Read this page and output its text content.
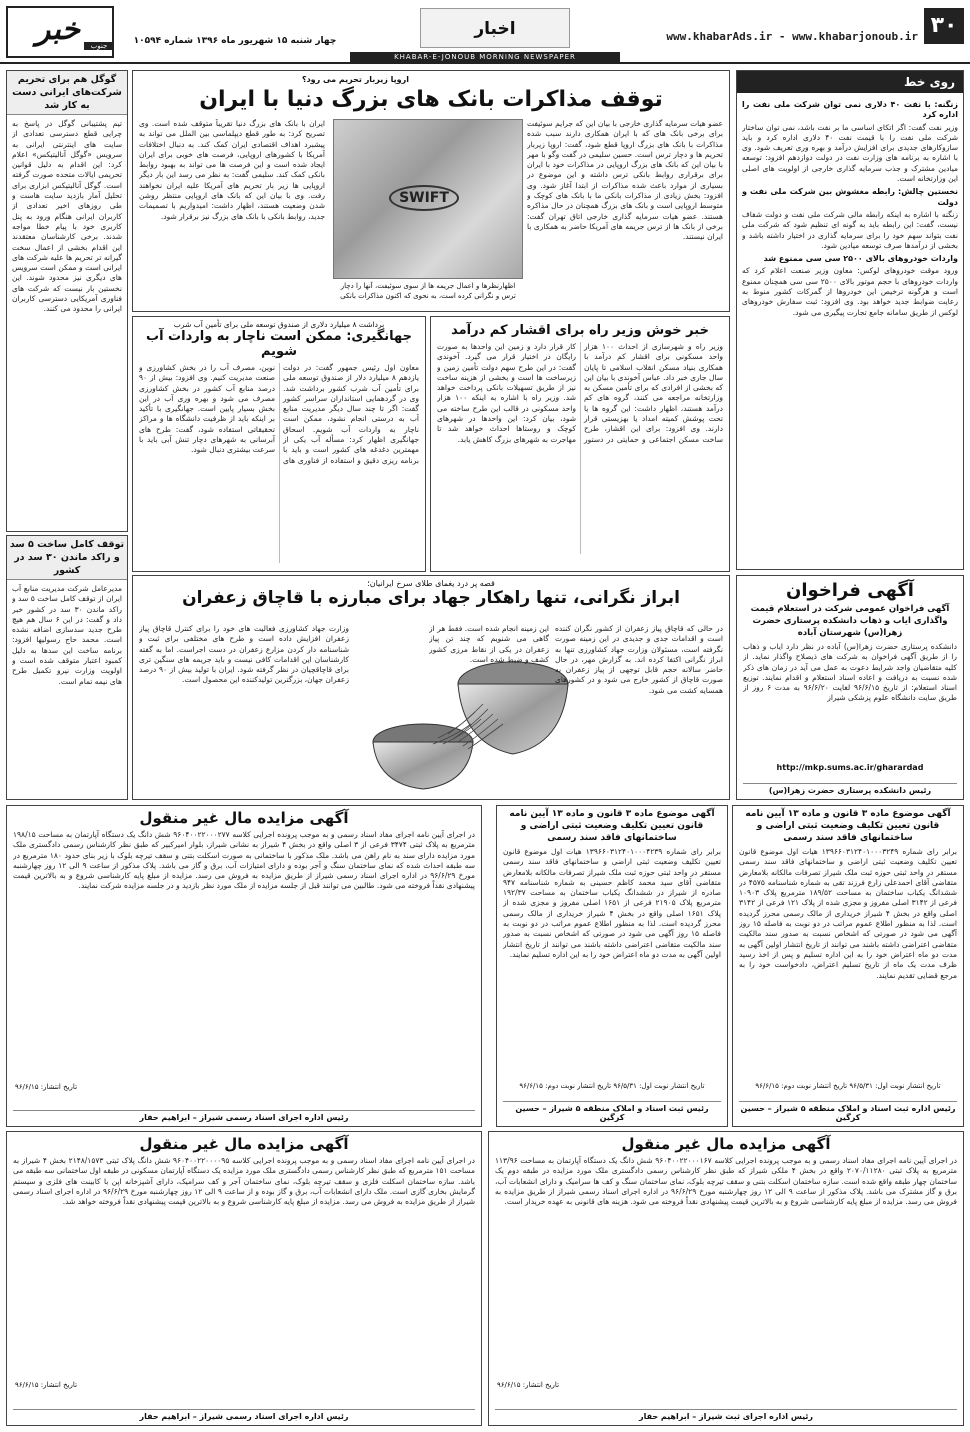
۳۰
www.khabarAds.ir - www.khabarjonoub.ir
اخبار
KHABAR-E-JONOUB MORNING NEWSPAPER
چهار شنبه ۱۵ شهریور ماه ۱۳۹۶ شماره ۱۰۵۹۴
خبر	جنوب
روی خط
زنگنه: با نفت ۴۰ دلاری نمی توان شرکت ملی نفت را اداره کرد

وزیر نفت گفت: اگر اتکای اساسی ما بر نفت باشد، نمی توان ساختار شرکت ملی نفت را با قیمت نفت ۴۰ دلاری اداره کرد و باید سازوکارهای جدیدی برای افزایش درآمد و بهره وری تعریف شود. وی با اشاره به برنامه های وزارت نفت در دولت دوازدهم افزود: توسعه میادین مشترک و جذب سرمایه گذاری خارجی از اولویت های اصلی این وزارتخانه است.

نخستین چالش: رابطه مغشوش بین شرکت ملی نفت و دولت

زنگنه با اشاره به اینکه رابطه مالی شرکت ملی نفت و دولت شفاف نیست، گفت: این رابطه باید به گونه ای تنظیم شود که شرکت ملی نفت بتواند سهم خود را برای سرمایه گذاری در اختیار داشته باشد و بخشی از درآمدها صرف توسعه میادین شود.

واردات خودروهای بالای ۲۵۰۰ سی سی ممنوع شد

ورود موقت خودروهای لوکس: معاون وزیر صنعت اعلام کرد که واردات خودروهای با حجم موتور بالای ۲۵۰۰ سی سی همچنان ممنوع است و هرگونه ترخیص این خودروها از گمرکات کشور منوط به رعایت ضوابط جدید خواهد بود. وی افزود: ثبت سفارش خودروهای لوکس از طریق سامانه جامع تجارت پیگیری می شود.

آگهی فراخوان
آگهی فراخوان عمومی شرکت در استعلام قیمت واگذاری ایاب و ذهاب دانشکده پرستاری حضرت زهرا(س) شهرستان آباده
دانشکده پرستاری حضرت زهرا(س) آباده در نظر دارد ایاب و ذهاب را از طریق آگهی فراخوان به شرکت های ذیصلاح واگذار نماید. از کلیه متقاضیان واجد شرایط دعوت به عمل می آید در زمان های ذکر شده نسبت به دریافت و اعاده اسناد استعلام و اقدام نمایند. توزیع اسناد استعلام: از تاریخ ۹۶/۶/۱۵ لغایت ۹۶/۶/۲۰ به مدت ۶ روز از طریق سایت دانشگاه علوم پزشکی شیراز
http://mkp.sums.ac.ir/gharardad
رئیس دانشکده پرستاری حضرت زهرا(س)
گوگل هم برای تحریم شرکت‌های ایرانی دست به کار شد
تیم پشتیبانی گوگل در پاسخ به چرایی قطع دسترسی تعدادی از سایت های اینترنتی ایرانی به سرویس «گوگل آنالیتیکس» اعلام کرد: این اقدام به دلیل قوانین تحریمی ایالات متحده صورت گرفته است. گوگل آنالیتیکس ابزاری برای تحلیل آمار بازدید سایت هاست و طی روزهای اخیر تعدادی از کاربران ایرانی هنگام ورود به پنل کاربری خود با پیام خطا مواجه شدند. برخی کارشناسان معتقدند این اقدام بخشی از اعمال سخت گیرانه تر تحریم ها علیه شرکت های ایرانی است و ممکن است سرویس های دیگری نیز محدود شوند. این نخستین بار نیست که شرکت های فناوری آمریکایی دسترسی کاربران ایرانی را محدود می کنند.
توقف کامل ساخت ۵ سد و راکد ماندن ۳۰ سد در کشور
مدیرعامل شرکت مدیریت منابع آب ایران از توقف کامل ساخت ۵ سد و راکد ماندن ۳۰ سد در کشور خبر داد و گفت: در این ۶ سال هم هیچ طرح جدید سدسازی اضافه نشده است. محمد حاج رسولیها افزود: برنامه ساخت این سدها به دلیل کمبود اعتبار متوقف شده است و اولویت وزارت نیرو تکمیل طرح های نیمه تمام است.
اروپا زیربار تحریم می رود؟
توقف مذاکرات بانک های بزرگ دنیا با ایران
SWIFT
اظهارنظرها و اعمال جریمه ها از سوی سوئیفت، آنها را دچار ترس و نگرانی کرده است، به نحوی که اکنون مذاکرات بانکی
عضو هیات سرمایه گذاری خارجی با بیان این که جرایم سوئیفت برای برخی بانک های که با ایران همکاری دارند سبب شده مذاکرات با بانک های بزرگ اروپا قطع شود، گفت: اروپا زیربار تحریم ها و دچار ترس است. حسین سلیمی در گفت وگو با مهر با بیان این که بانک های بزرگ اروپایی در مذاکرات خود با ایران برای برقراری روابط بانکی ترس داشته و این موضوع در بسیاری از موارد باعث شده مذاکرات از ابتدا آغاز شود. وی افزود: بخش زیادی از مذاکرات بانکی ما با بانک های کوچک و متوسط اروپایی است و بانک های بزرگ همچنان در حال مذاکره هستند. عضو هیات سرمایه گذاری خارجی اتاق تهران گفت: برخی از بانک ها از ترس جریمه های آمریکا حاضر به همکاری با ایران نیستند.
ایران با بانک های بزرگ دنیا تقریباً متوقف شده است. وی تصریح کرد: به طور قطع دیپلماسی بین الملل می تواند به پیشبرد اهداف اقتصادی ایران کمک کند. به دنبال اختلافات آمریکا با کشورهای اروپایی، فرصت های خوبی برای ایران ایجاد شده است و این فرصت ها می تواند به بهبود روابط بانکی کمک کند. سلیمی گفت: به نظر می رسد این بار دیگر اروپایی ها زیر بار تحریم های آمریکا علیه ایران نخواهند رفت. وی با بیان این که بانک های اروپایی منتظر روشن شدن وضعیت هستند، اظهار داشت: امیدواریم با تصمیمات جدید، روابط بانکی با بانک های بزرگ نیز برقرار شود.
خبر خوش وزیر راه برای اقشار کم درآمد
وزیر راه و شهرسازی از احداث ۱۰۰ هزار واحد مسکونی برای اقشار کم درآمد با همکاری بنیاد مسکن انقلاب اسلامی تا پایان سال جاری خبر داد. عباس آخوندی با بیان این که بخشی از افرادی که برای تأمین مسکن به وزارتخانه مراجعه می کنند، گروه های کم درآمد هستند، اظهار داشت: این گروه ها یا تحت پوشش کمیته امداد یا بهزیستی قرار دارند. وی افزود: برای این اقشار، طرح ساخت مسکن اجتماعی و حمایتی در دستور کار قرار دارد و زمین این واحدها به صورت رایگان در اختیار قرار می گیرد. آخوندی گفت: در این طرح سهم دولت تأمین زمین و زیرساخت ها است و بخشی از هزینه ساخت نیز از طریق تسهیلات بانکی پرداخت خواهد شد. وزیر راه با اشاره به اینکه ۱۰۰ هزار واحد مسکونی در قالب این طرح ساخته می شود، بیان کرد: این واحدها در شهرهای کوچک و روستاها احداث خواهد شد تا مهاجرت به شهرهای بزرگ کاهش یابد.
برداشت ۸ میلیارد دلاری از صندوق توسعه ملی برای تأمین آب شرب
جهانگیری: ممکن است ناچار به واردات آب شویم
معاون اول رئیس جمهور گفت: در دولت یازدهم ۸ میلیارد دلار از صندوق توسعه ملی برای تأمین آب شرب کشور برداشت شد. وی در گردهمایی استانداران سراسر کشور گفت: اگر تا چند سال دیگر مدیریت منابع آب به درستی انجام نشود، ممکن است ناچار به واردات آب شویم. اسحاق جهانگیری اظهار کرد: مسأله آب یکی از مهمترین دغدغه های کشور است و باید با برنامه ریزی دقیق و استفاده از فناوری های نوین، مصرف آب را در بخش کشاورزی و صنعت مدیریت کنیم. وی افزود: بیش از ۹۰ درصد منابع آب کشور در بخش کشاورزی مصرف می شود و بهره وری آب در این بخش بسیار پایین است. جهانگیری با تأکید بر اینکه باید از ظرفیت دانشگاه ها و مراکز تحقیقاتی استفاده شود، گفت: طرح های آبرسانی به شهرهای دچار تنش آبی باید با سرعت بیشتری دنبال شود.
قصه پر درد یغمای طلای سرخ ایرانیان؛
ابراز نگرانی، تنها راهکار جهاد برای مبارزه با قاچاق زعفران
در حالی که قاچاق پیاز زعفران از کشور نگران کننده است و اقدامات جدی و جدیدی در این زمینه صورت نگرفته است، مسئولان وزارت جهاد کشاورزی تنها به ابراز نگرانی اکتفا کرده اند. به گزارش مهر، در حال حاضر سالانه حجم قابل توجهی از پیاز زعفران به صورت قاچاق از کشور خارج می شود و در کشورهای همسایه کشت می شود.
این زمینه انجام شده است. فقط هر از گاهی می شنویم که چند تن پیاز زعفران در یکی از نقاط مرزی کشور کشف و ضبط شده است.
وزارت جهاد کشاورزی فعالیت های خود را برای کنترل قاچاق پیاز زعفران افزایش داده است و طرح های مختلفی برای ثبت و شناسنامه دار کردن مزارع زعفران در دست اجراست. اما به گفته کارشناسان این اقدامات کافی نیست و باید جریمه های سنگین تری برای قاچاقچیان در نظر گرفته شود. ایران با تولید بیش از ۹۰ درصد زعفران جهان، بزرگترین تولیدکننده این محصول است.
آگهی موضوع ماده ۳ قانون و ماده ۱۳ آیین نامه قانون تعیین تکلیف وضعیت ثبتی اراضی و ساختمانهای فاقد سند رسمی
برابر رای شماره ۱۳۹۶۶۰۳۱۲۴۰۱۰۰۰۳۲۴۹ هیات اول موضوع قانون تعیین تکلیف وضعیت ثبتی اراضی و ساختمانهای فاقد سند رسمی مستقر در واحد ثبتی حوزه ثبت ملک شیراز تصرفات مالکانه بلامعارض متقاضی آقای احمدعلی زارع فرزند تقی به شماره شناسنامه ۴۵۷۵ در ششدانگ یکباب ساختمان به مساحت ۱۸۹/۵۲ مترمربع پلاک ۱۰۹۰۳ فرعی از ۳۱۴۲ اصلی مفروز و مجزی شده از پلاک ۱۲۱ فرعی از ۳۱۴۲ اصلی واقع در بخش ۴ شیراز خریداری از مالک رسمی محرز گردیده است. لذا به منظور اطلاع عموم مراتب در دو نوبت به فاصله ۱۵ روز آگهی می شود در صورتی که اشخاص نسبت به صدور سند مالکیت متقاضی اعتراضی داشته باشند می توانند از تاریخ انتشار اولین آگهی به مدت دو ماه اعتراض خود را به این اداره تسلیم و پس از اخذ رسید ظرف مدت یک ماه از تاریخ تسلیم اعتراض، دادخواست خود را به مرجع قضایی تقدیم نمایند.
تاریخ انتشار نوبت اول: ۹۶/۵/۳۱ تاریخ انتشار نوبت دوم: ۹۶/۶/۱۵
رئیس اداره ثبت اسناد و املاک منطقه ۵ شیراز – حسین کرگین
آگهی موضوع ماده ۳ قانون و ماده ۱۳ آیین نامه قانون تعیین تکلیف وضعیت ثبتی اراضی و ساختمانهای فاقد سند رسمی
برابر رای شماره ۱۳۹۶۶۰۳۱۲۴۰۱۰۰۰۴۲۳۹ هیات اول موضوع قانون تعیین تکلیف وضعیت ثبتی اراضی و ساختمانهای فاقد سند رسمی مستقر در واحد ثبتی حوزه ثبت ملک شیراز تصرفات مالکانه بلامعارض متقاضی آقای سید محمد کاظم حسینی به شماره شناسنامه ۹۴۷ صادره از شیراز در ششدانگ یکباب ساختمان به مساحت ۱۹۲/۳۷ مترمربع پلاک ۲۱۹۰۵ فرعی از ۱۶۵۱ اصلی مفروز و مجزی شده از پلاک ۱۶۵۱ اصلی واقع در بخش ۴ شیراز خریداری از مالک رسمی محرز گردیده است. لذا به منظور اطلاع عموم مراتب در دو نوبت به فاصله ۱۵ روز آگهی می شود در صورتی که اشخاص نسبت به صدور سند مالکیت متقاضی اعتراضی داشته باشند می توانند از تاریخ انتشار اولین آگهی به مدت دو ماه اعتراض خود را به این اداره تسلیم نمایند.
تاریخ انتشار نوبت اول: ۹۶/۵/۳۱ تاریخ انتشار نوبت دوم: ۹۶/۶/۱۵
رئیس ثبت اسناد و املاک منطقه ۵ شیراز – حسین کرگین
آگهی مزایده مال غیر منقول
در اجرای آیین نامه اجرای مفاد اسناد رسمی و به موجب پرونده اجرایی کلاسه ۹۶۰۴۰۰۲۲۰۰۰۲۷۷ شش دانگ یک دستگاه آپارتمان به مساحت ۱۹۸/۱۵ مترمربع به پلاک ثبتی ۳۴۷۴ فرعی از ۳ اصلی واقع در بخش ۴ شیراز به نشانی شیراز، بلوار امیرکبیر که طبق نظر کارشناس رسمی دادگستری ملک مورد مزایده دارای سند به نام راهن می باشد. ملک مذکور با ساختمانی به صورت اسکلت بتنی و سقف تیرچه بلوک با زیر بنای حدود ۱۸۰ مترمربع در سه طبقه احداث شده که نمای ساختمان سنگ و آجر بوده و دارای امتیازات آب، برق و گاز می باشد. پلاک مذکور از ساعت ۹ الی ۱۲ روز چهارشنبه مورخ ۹۶/۶/۲۹ در اداره اجرای اسناد رسمی شیراز از طریق مزایده به فروش می رسد. مزایده از مبلغ پایه کارشناسی شروع و به بالاترین قیمت پیشنهادی نقداً فروخته می شود. طالبین می توانند قبل از جلسه مزایده از ملک مورد نظر بازدید و در جلسه مزایده شرکت نمایند.
تاریخ انتشار: ۹۶/۶/۱۵
رئیس اداره اجرای اسناد رسمی شیراز – ابراهیم حفار
آگهی مزایده مال غیر منقول
در اجرای آیین نامه اجرای مفاد اسناد رسمی و به موجب پرونده اجرایی کلاسه ۹۶۰۴۰۰۲۲۰۰۰۱۶۷ شش دانگ یک دستگاه آپارتمان به مساحت ۱۱۳/۹۶ مترمربع به پلاک ثبتی ۲۰۷۰/۱۱۲۸۰ واقع در بخش ۴ ملکی شیراز که طبق نظر کارشناس رسمی دادگستری ملک مورد مزایده در طبقه دوم یک ساختمان چهار طبقه واقع شده است. سازه ساختمان اسکلت بتنی و سقف تیرچه بلوک، نمای ساختمان سنگ و کف ها سرامیک و دارای انشعابات آب، برق و گاز مشترک می باشد. پلاک مذکور از ساعت ۹ الی ۱۲ روز چهارشنبه مورخ ۹۶/۶/۲۹ در اداره اجرای اسناد رسمی شیراز از طریق مزایده به فروش می رسد. مزایده از مبلغ پایه کارشناسی شروع و به بالاترین قیمت پیشنهادی نقداً فروخته می شود. هزینه های قانونی به عهده خریدار است.
تاریخ انتشار: ۹۶/۶/۱۵
رئیس اداره اجرای ثبت شیراز – ابراهیم حفار
آگهی مزایده مال غیر منقول
در اجرای آیین نامه اجرای مفاد اسناد رسمی و به موجب پرونده اجرایی کلاسه ۹۶۰۴۰۰۲۲۰۰۰۰۹۵ شش دانگ پلاک ثبتی ۲۱۴۸/۱۵۷۳ بخش ۴ شیراز به مساحت ۱۵۱ مترمربع که طبق نظر کارشناس رسمی دادگستری ملک مورد مزایده یک دستگاه آپارتمان مسکونی در طبقه اول ساختمانی سه طبقه می باشد. سازه ساختمان اسکلت فلزی و سقف تیرچه بلوک، نمای ساختمان آجر و کف سرامیک، دارای آشپزخانه اپن با کابینت های فلزی و سیستم گرمایش بخاری گازی است. ملک دارای انشعابات آب، برق و گاز بوده و از ساعت ۹ الی ۱۲ روز چهارشنبه مورخ ۹۶/۶/۲۹ در اداره اجرای اسناد رسمی شیراز از طریق مزایده به فروش می رسد. مزایده از مبلغ پایه کارشناسی شروع و به بالاترین قیمت پیشنهادی نقداً فروخته خواهد شد.
تاریخ انتشار: ۹۶/۶/۱۵
رئیس اداره اجرای اسناد رسمی شیراز – ابراهیم حفار
